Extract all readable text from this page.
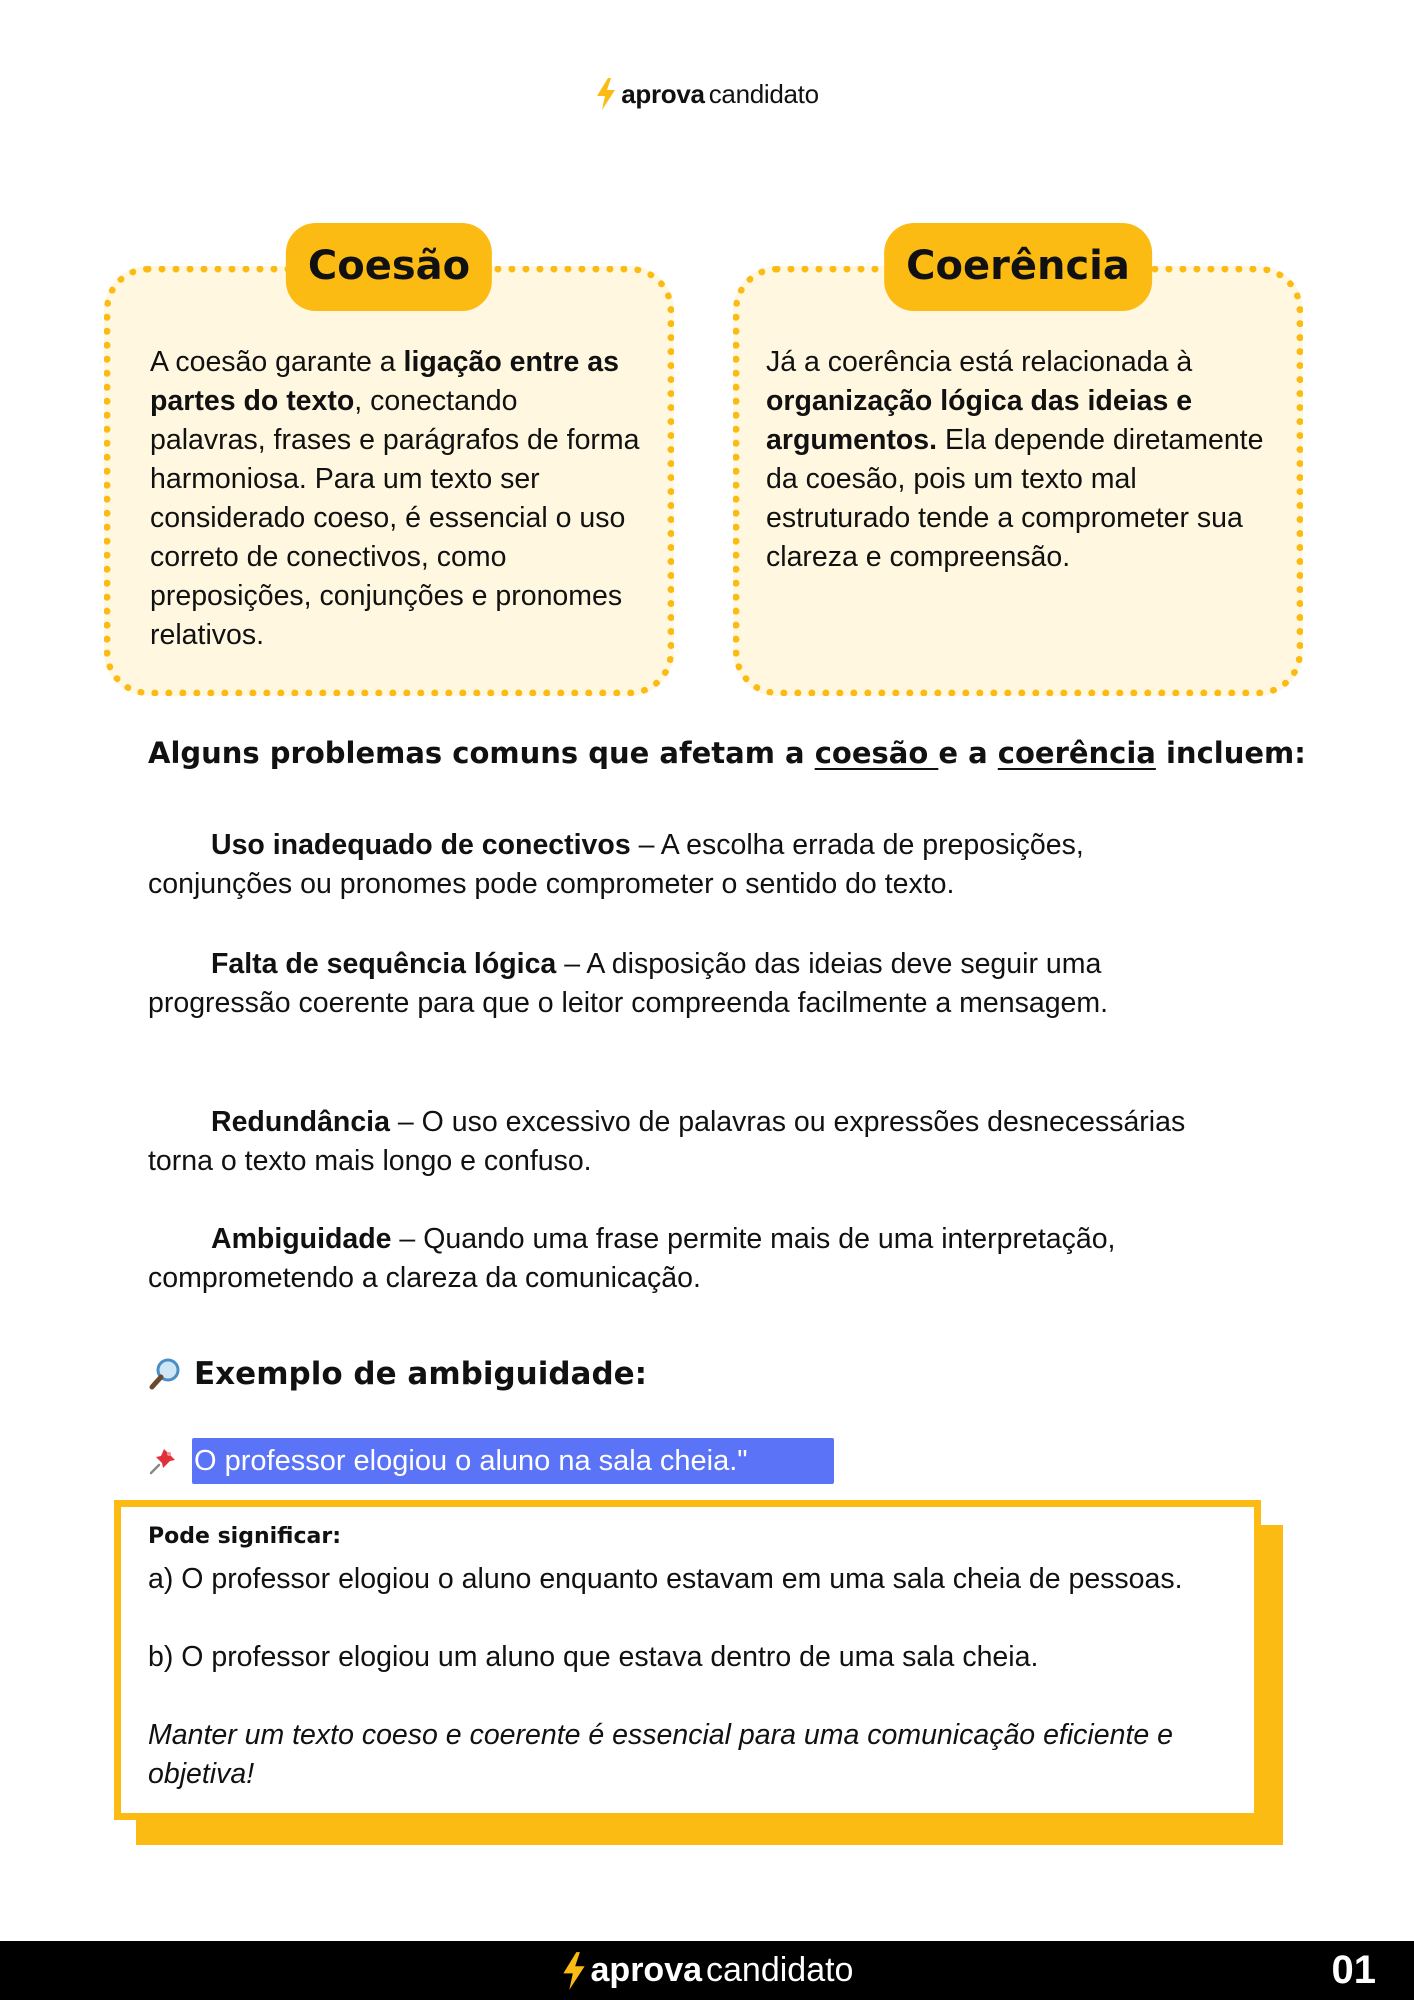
aprova candidato
Coesão

A coesão garante a ligação entre as partes do texto, conectando palavras, frases e parágrafos de forma harmoniosa. Para um texto ser considerado coeso, é essencial o uso correto de conectivos, como preposições, conjunções e pronomes relativos.

Coerência

Já a coerência está relacionada à organização lógica das ideias e argumentos. Ela depende diretamente da coesão, pois um texto mal estruturado tende a comprometer sua clareza e compreensão.

Alguns problemas comuns que afetam a coesão e a coerência incluem:

Uso inadequado de conectivos – A escolha errada de preposições, conjunções ou pronomes pode comprometer o sentido do texto.

Falta de sequência lógica – A disposição das ideias deve seguir uma progressão coerente para que o leitor compreenda facilmente a mensagem.

Redundância – O uso excessivo de palavras ou expressões desnecessárias torna o texto mais longo e confuso.

Ambiguidade – Quando uma frase permite mais de uma interpretação, comprometendo a clareza da comunicação.

Exemplo de ambiguidade:
O professor elogiou o aluno na sala cheia."

Pode significar:

a) O professor elogiou o aluno enquanto estavam em uma sala cheia de pessoas.

b) O professor elogiou um aluno que estava dentro de uma sala cheia.

Manter um texto coeso e coerente é essencial para uma comunicação eficiente e objetiva!

aprova candidato	01
